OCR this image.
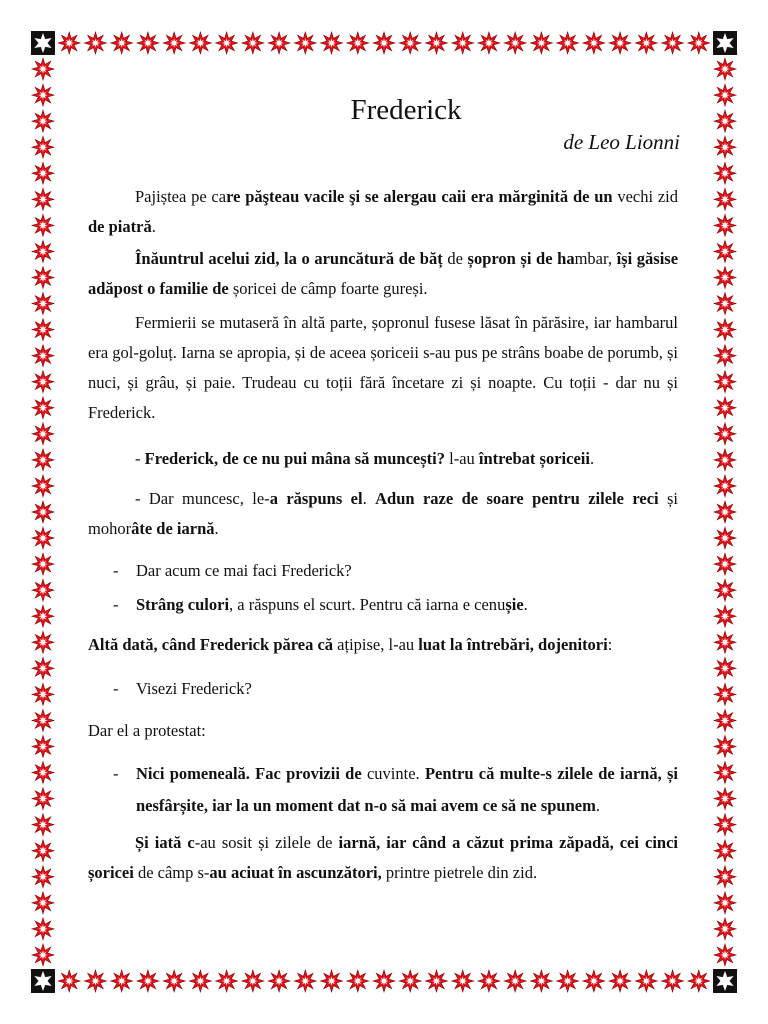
Frederick
de Leo Lionni

Pajiștea pe care păşteau vacile şi se alergau caii era mărginită de un vechi zid de piatră.

Înăuntrul acelui zid, la o aruncătură de băț de șopron și de hambar, își găsise adăpost o familie de șoricei de câmp foarte gureși.

Fermierii se mutaseră în altă parte, șopronul fusese lăsat în părăsire, iar hambarul era gol-goluț. Iarna se apropia, și de aceea șoriceii s-au pus pe strâns boabe de porumb, și nuci, și grâu, și paie. Trudeau cu toții fără încetare zi și noapte. Cu toții - dar nu și Frederick.

- Frederick, de ce nu pui mâna să muncești? l-au întrebat șoriceii.

- Dar muncesc, le-a răspuns el. Adun raze de soare pentru zilele reci și mohorâte de iarnă.

-	Dar acum ce mai faci Frederick?
-	Strâng culori, a răspuns el scurt. Pentru că iarna e cenușie.

Altă dată, când Frederick părea că ațipise, l-au luat la întrebări, dojenitori:

-	Visezi Frederick?

Dar el a protestat:

-	Nici pomeneală. Fac provizii de cuvinte. Pentru că multe-s zilele de iarnă, și nesfârșite, iar la un moment dat n-o să mai avem ce să ne spunem.

Și iată c-au sosit și zilele de iarnă, iar când a căzut prima zăpadă, cei cinci șoricei de câmp s-au aciuat în ascunzători, printre pietrele din zid.
